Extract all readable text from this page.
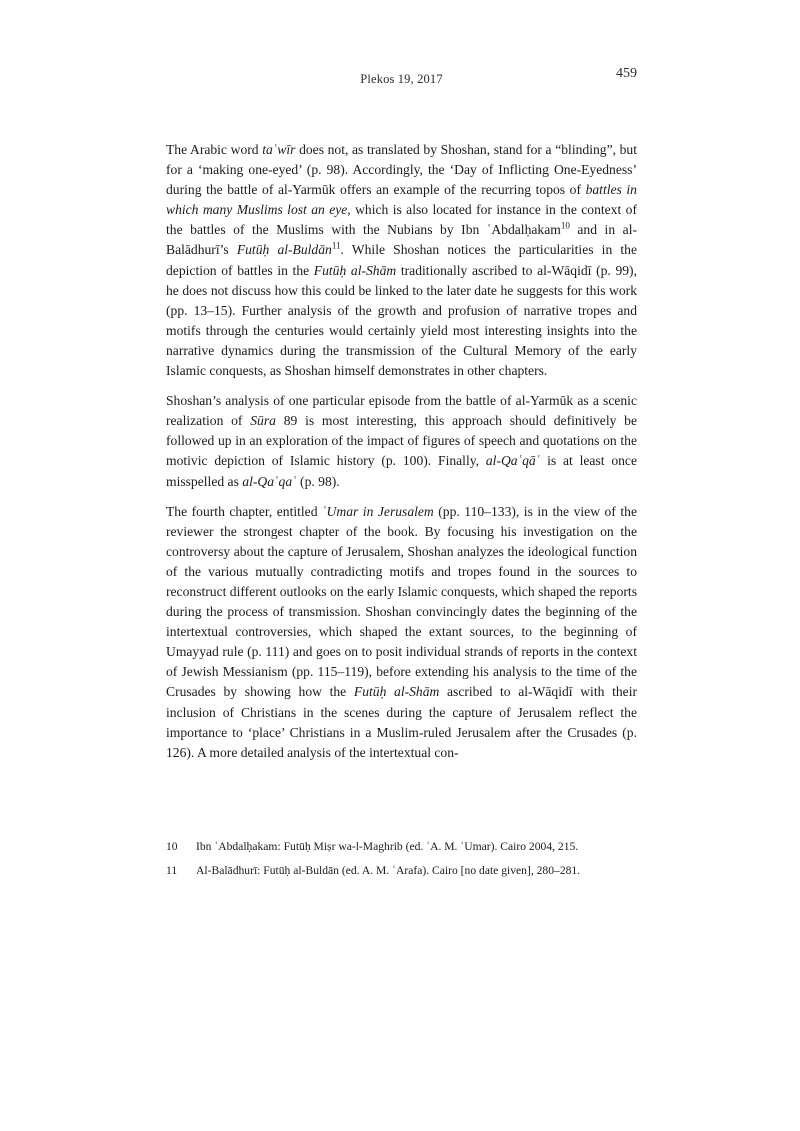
Plekos 19, 2017	459

The Arabic word taʿwīr does not, as translated by Shoshan, stand for a “blinding”, but for a ‘making one-eyed’ (p. 98). Accordingly, the ‘Day of Inflicting One-Eyedness’ during the battle of al-Yarmūk offers an example of the recurring topos of battles in which many Muslims lost an eye, which is also located for instance in the context of the battles of the Muslims with the Nubians by Ibn ʿAbdalḥakam$^{10}$ and in al-Balādhurī’s Futūḥ al-Buldān$^{11}$. While Shoshan notices the particularities in the depiction of battles in the Futūḥ al-Shām traditionally ascribed to al-Wāqidī (p. 99), he does not discuss how this could be linked to the later date he suggests for this work (pp. 13–15). Further analysis of the growth and profusion of narrative tropes and motifs through the centuries would certainly yield most interesting insights into the narrative dynamics during the transmission of the Cultural Memory of the early Islamic conquests, as Shoshan himself demonstrates in other chapters.

Shoshan’s analysis of one particular episode from the battle of al-Yarmūk as a scenic realization of Sūra 89 is most interesting, this approach should definitively be followed up in an exploration of the impact of figures of speech and quotations on the motivic depiction of Islamic history (p. 100). Finally, al-Qaʿqāʿ is at least once misspelled as al-Qaʿqaʿ (p. 98).

The fourth chapter, entitled ʿUmar in Jerusalem (pp. 110–133), is in the view of the reviewer the strongest chapter of the book. By focusing his investigation on the controversy about the capture of Jerusalem, Shoshan analyzes the ideological function of the various mutually contradicting motifs and tropes found in the sources to reconstruct different outlooks on the early Islamic conquests, which shaped the reports during the process of transmission. Shoshan convincingly dates the beginning of the intertextual controversies, which shaped the extant sources, to the beginning of Umayyad rule (p. 111) and goes on to posit individual strands of reports in the context of Jewish Messianism (pp. 115–119), before extending his analysis to the time of the Crusades by showing how the Futūḥ al-Shām ascribed to al-Wāqidī with their inclusion of Christians in the scenes during the capture of Jerusalem reflect the importance to ‘place’ Christians in a Muslim-ruled Jerusalem after the Crusades (p. 126). A more detailed analysis of the intertextual con-

10	Ibn ʿAbdalḥakam: Futūḥ Miṣr wa-l-Maghrib (ed. ʿA. M. ʿUmar). Cairo 2004, 215.
11	Al-Balādhurī: Futūḥ al-Buldān (ed. A. M. ʿArafa). Cairo [no date given], 280–281.
